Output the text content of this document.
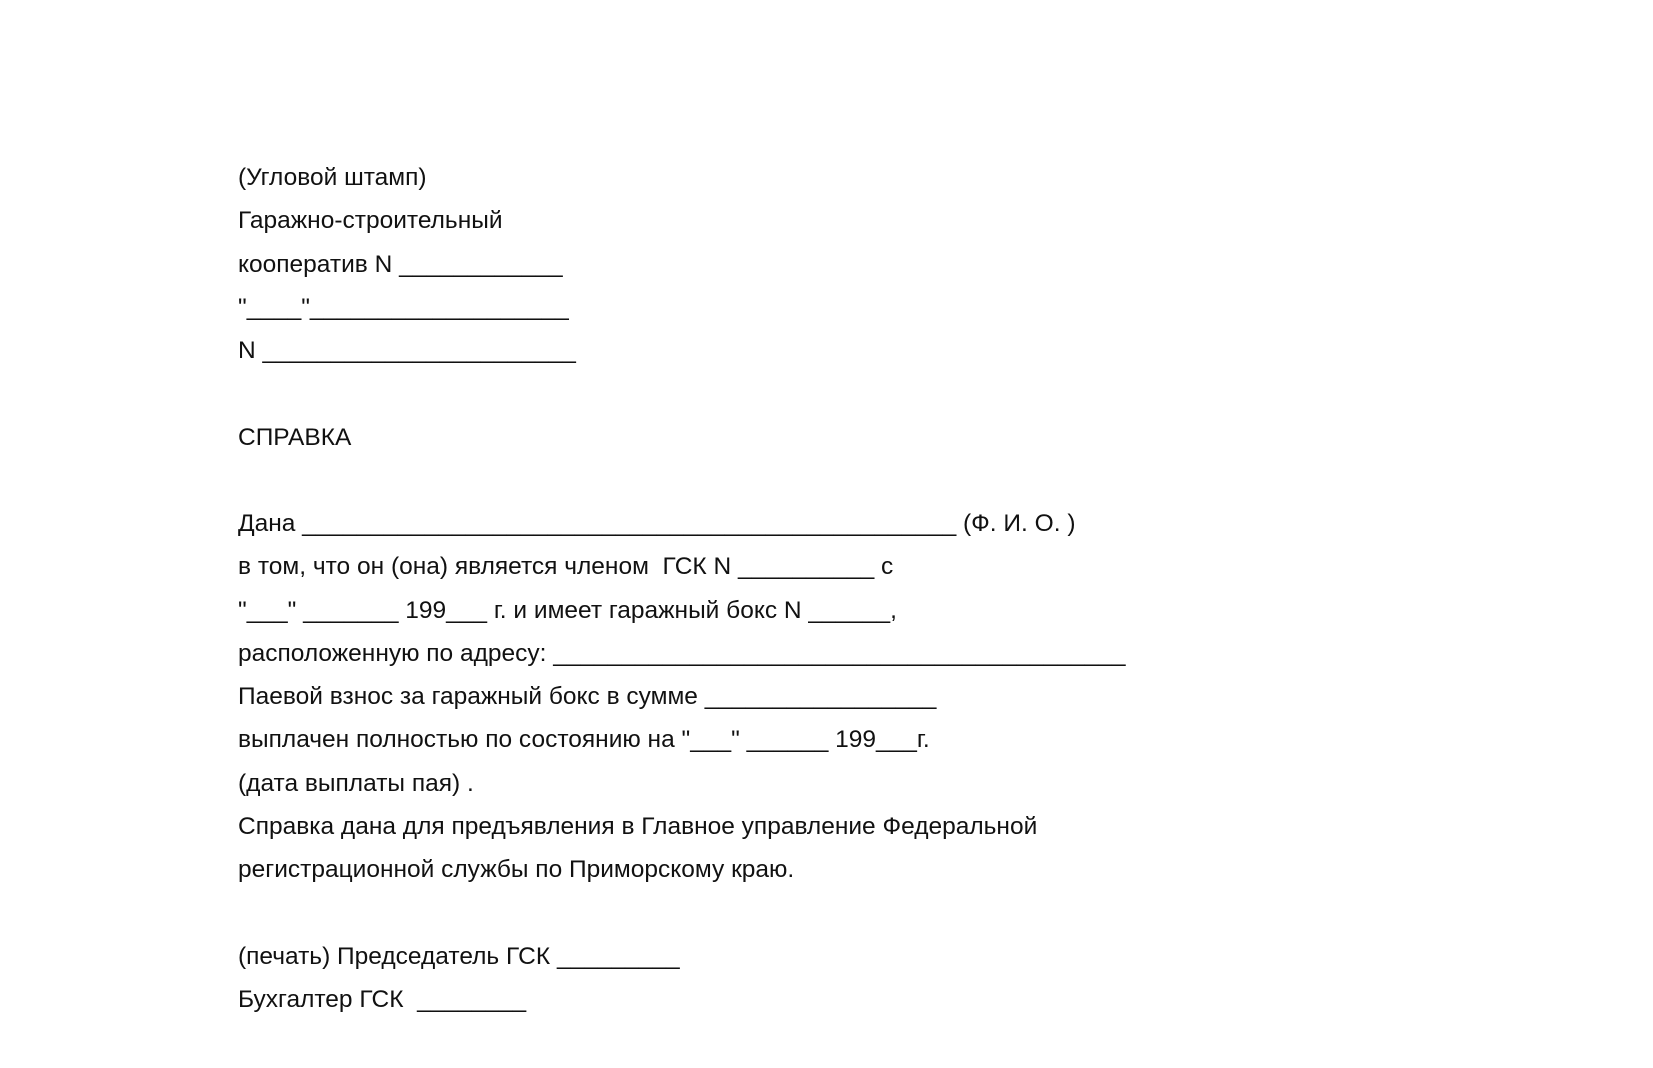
(Угловой штамп)
Гаражно-строительный
кооператив N ____________
"____"___________________
N _______________________
СПРАВКА
Дана ________________________________________________ (Ф. И. О. )
в том, что он (она) является членом  ГСК N __________ с
"___" _______ 199___ г. и имеет гаражный бокс N ______,
расположенную по адресу: __________________________________________
Паевой взнос за гаражный бокс в сумме _________________
выплачен полностью по состоянию на "___" ______ 199___г.
(дата выплаты пая) .
Справка дана для предъявления в Главное управление Федеральной
регистрационной службы по Приморскому краю.
(печать) Председатель ГСК _________
Бухгалтер ГСК  ________
